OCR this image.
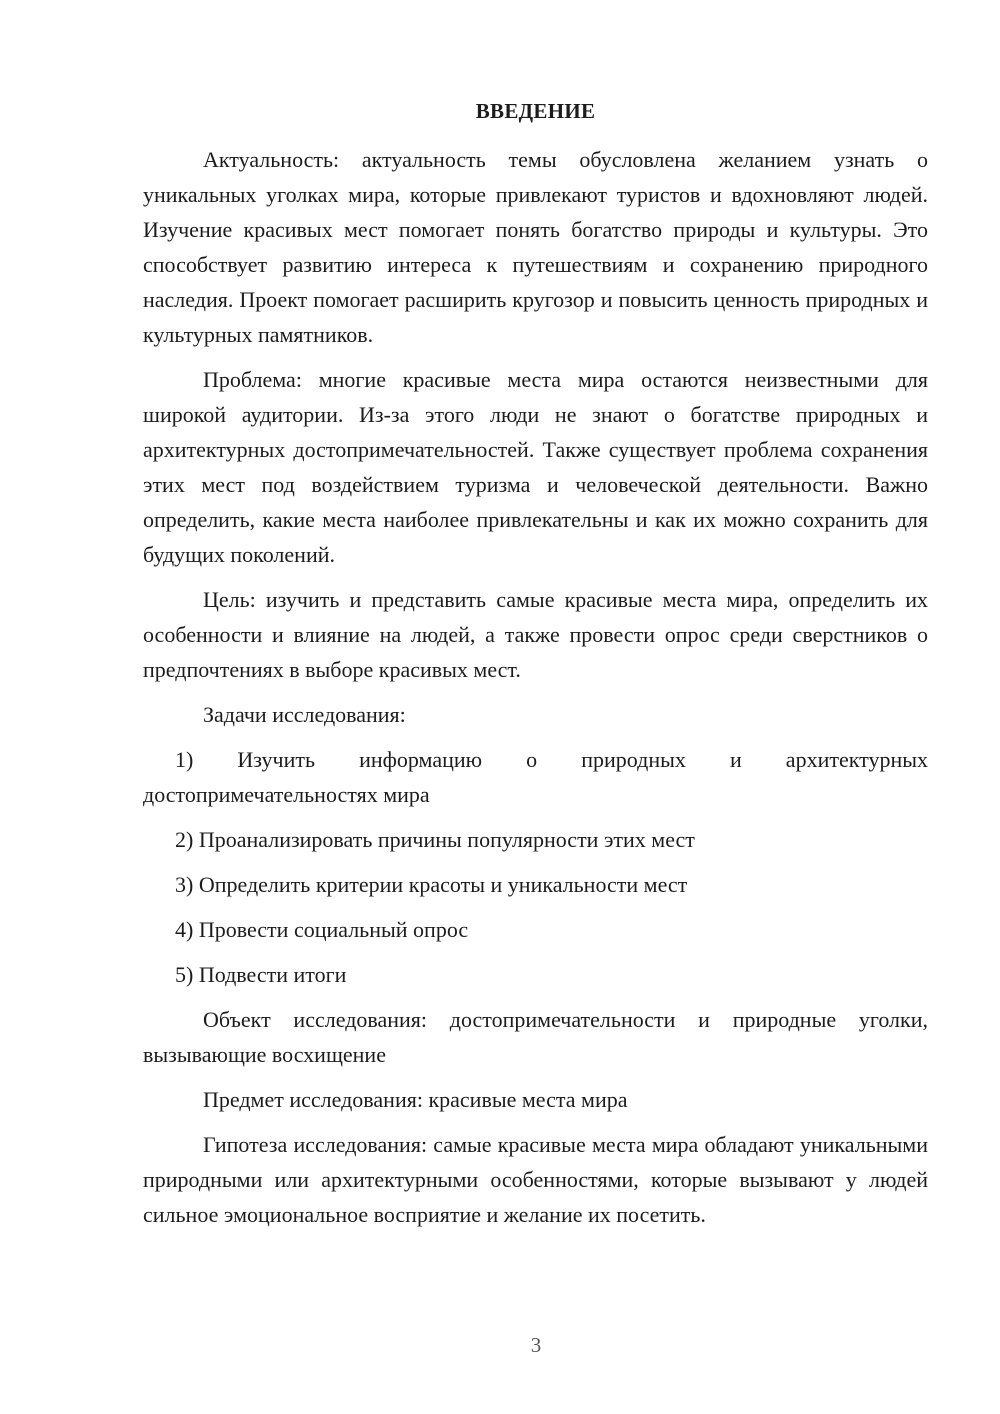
ВВЕДЕНИЕ

Актуальность: актуальность темы обусловлена желанием узнать о уникальных уголках мира, которые привлекают туристов и вдохновляют людей. Изучение красивых мест помогает понять богатство природы и культуры. Это способствует развитию интереса к путешествиям и сохранению природного наследия. Проект помогает расширить кругозор и повысить ценность природных и культурных памятников.

Проблема: многие красивые места мира остаются неизвестными для широкой аудитории. Из-за этого люди не знают о богатстве природных и архитектурных достопримечательностей. Также существует проблема сохранения этих мест под воздействием туризма и человеческой деятельности. Важно определить, какие места наиболее привлекательны и как их можно сохранить для будущих поколений.

Цель: изучить и представить самые красивые места мира, определить их особенности и влияние на людей, а также провести опрос среди сверстников о предпочтениях в выборе красивых мест.

Задачи исследования:

1) Изучить информацию о природных и архитектурных достопримечательностях мира

2) Проанализировать причины популярности этих мест

3) Определить критерии красоты и уникальности мест

4) Провести социальный опрос

5) Подвести итоги

Объект исследования: достопримечательности и природные уголки, вызывающие восхищение

Предмет исследования: красивые места мира

Гипотеза исследования: самые красивые места мира обладают уникальными природными или архитектурными особенностями, которые вызывают у людей сильное эмоциональное восприятие и желание их посетить.

3
